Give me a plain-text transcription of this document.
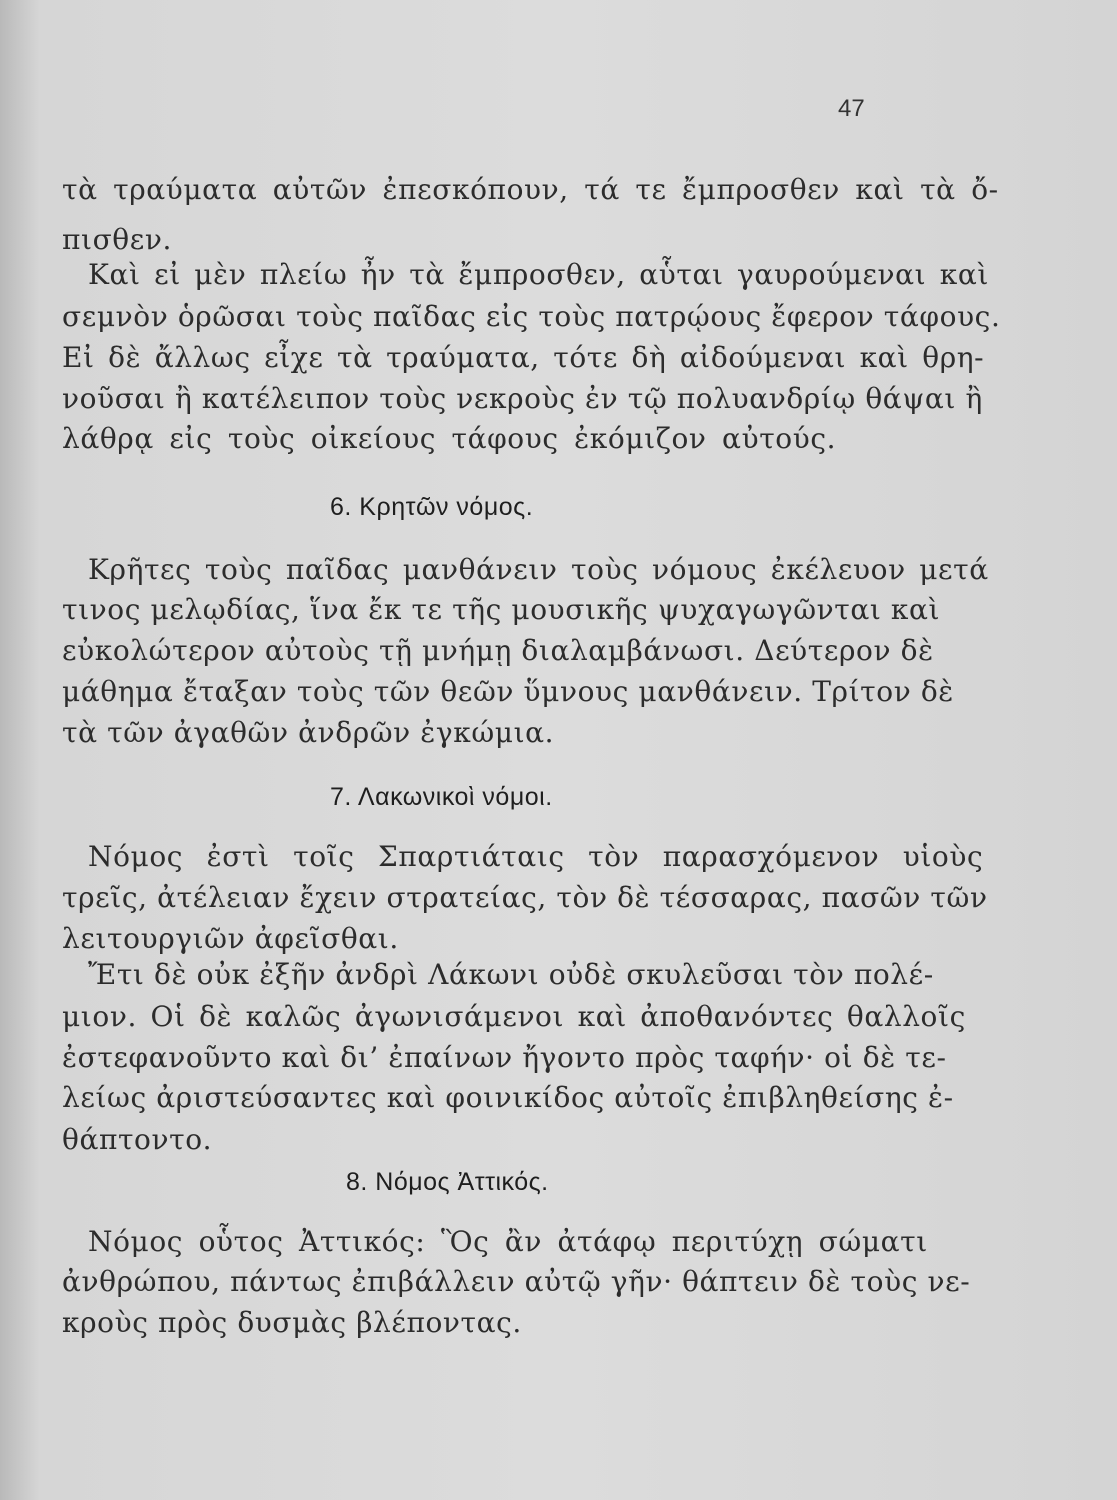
47
τὰ τραύματα αὐτῶν ἐπεσκόπουν, τά τε ἔμπροσθεν καὶ τὰ ὄ-
πισθεν.
Καὶ εἰ μὲν πλείω ἦν τὰ ἔμπροσθεν, αὗται γαυρούμεναι καὶ
σεμνὸν ὁρῶσαι τοὺς παῖδας εἰς τοὺς πατρῴους ἔφερον τάφους.
Εἰ δὲ ἄλλως εἶχε τὰ τραύματα, τότε δὴ αἰδούμεναι καὶ θρη-
νοῦσαι ἢ κατέλειπον τοὺς νεκροὺς ἐν τῷ πολυανδρίῳ θάψαι ἢ
λάθρᾳ εἰς τοὺς οἰκείους τάφους ἐκόμιζον αὐτούς.
6. Κρητῶν νόμος.
Κρῆτες τοὺς παῖδας μανθάνειν τοὺς νόμους ἐκέλευον μετά
τινος μελῳδίας, ἵνα ἔκ τε τῆς μουσικῆς ψυχαγωγῶνται καὶ
εὐκολώτερον αὐτοὺς τῇ μνήμῃ διαλαμβάνωσι. Δεύτερον δὲ
μάθημα ἔταξαν τοὺς τῶν θεῶν ὕμνους μανθάνειν. Τρίτον δὲ
τὰ τῶν ἀγαθῶν ἀνδρῶν ἐγκώμια.
7. Λακωνικοὶ νόμοι.
Νόμος ἐστὶ τοῖς Σπαρτιάταις τὸν παρασχόμενον υἱοὺς
τρεῖς, ἀτέλειαν ἔχειν στρατείας, τὸν δὲ τέσσαρας, πασῶν τῶν
λειτουργιῶν ἀφεῖσθαι.
Ἔτι δὲ οὐκ ἐξῆν ἀνδρὶ Λάκωνι οὐδὲ σκυλεῦσαι τὸν πολέ-
μιον. Οἱ δὲ καλῶς ἀγωνισάμενοι καὶ ἀποθανόντες θαλλοῖς
ἐστεφανοῦντο καὶ δι’ ἐπαίνων ἤγοντο πρὸς ταφήν· οἱ δὲ τε-
λείως ἀριστεύσαντες καὶ φοινικίδος αὐτοῖς ἐπιβληθείσης ἐ-
θάπτοντο.
8. Νόμος Ἀττικός.
Νόμος οὗτος Ἀττικός: Ὃς ἂν ἀτάφῳ περιτύχῃ σώματι
ἀνθρώπου, πάντως ἐπιβάλλειν αὐτῷ γῆν· θάπτειν δὲ τοὺς νε-
κροὺς πρὸς δυσμὰς βλέποντας.
